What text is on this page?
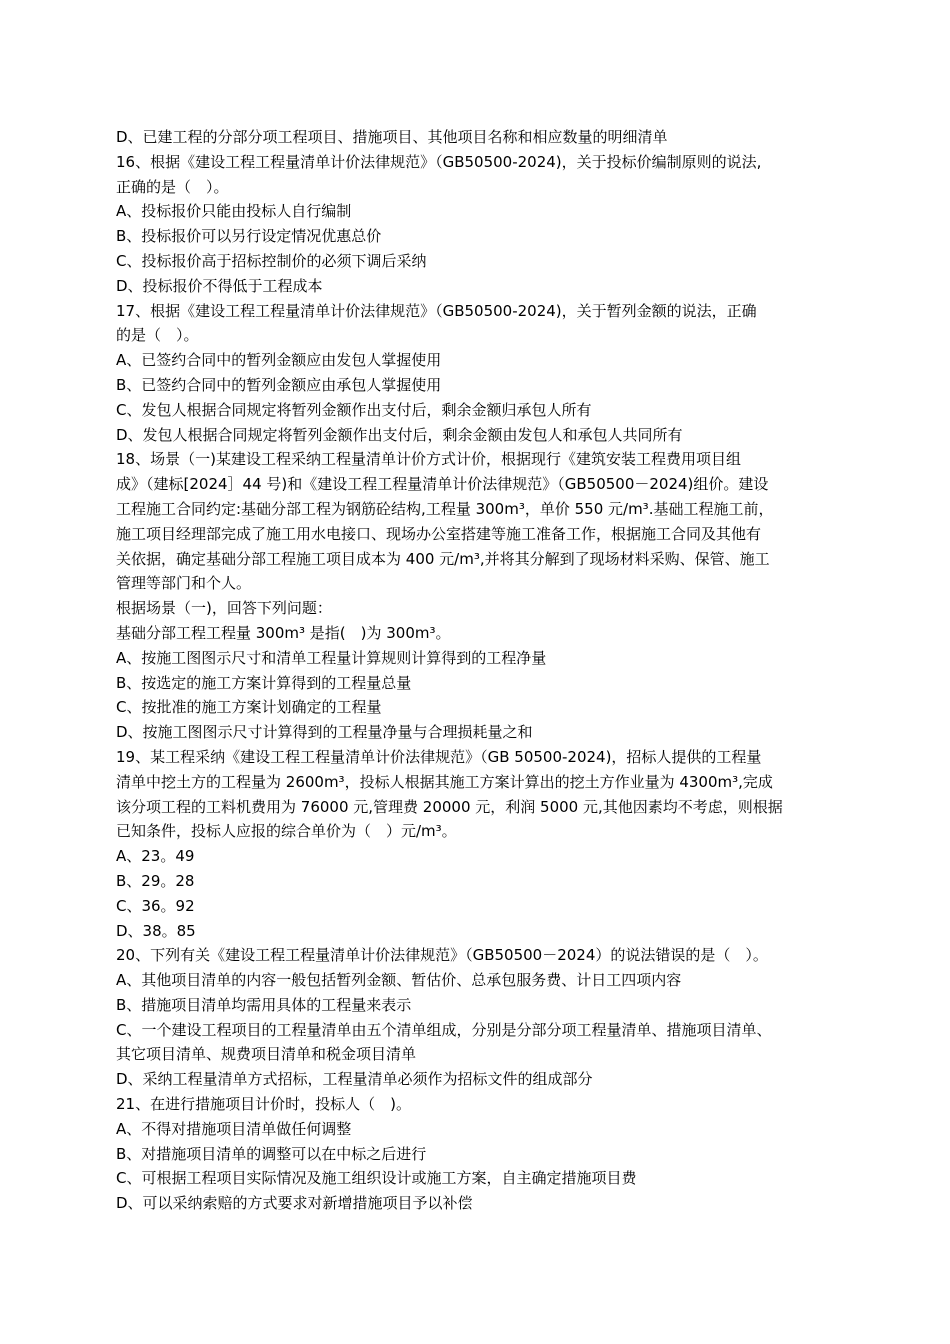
D、已建工程的分部分项工程项目、措施项目、其他项目名称和相应数量的明细清单
16、根据《建设工程工程量清单计价法律规范》（GB50500-2024)，关于投标价编制原则的说法,
正确的是（　）。
A、投标报价只能由投标人自行编制
B、投标报价可以另行设定情况优惠总价
C、投标报价高于招标控制价的必须下调后采纳
D、投标报价不得低于工程成本
17、根据《建设工程工程量清单计价法律规范》（GB50500-2024)，关于暂列金额的说法，正确
的是（　）。
A、已签约合同中的暂列金额应由发包人掌握使用
B、已签约合同中的暂列金额应由承包人掌握使用
C、发包人根据合同规定将暂列金额作出支付后，剩余金额归承包人所有
D、发包人根据合同规定将暂列金额作出支付后，剩余金额由发包人和承包人共同所有
18、场景（一)某建设工程采纳工程量清单计价方式计价，根据现行《建筑安装工程费用项目组
成》（建标[2024］44 号)和《建设工程工程量清单计价法律规范》（GB50500－2024)组价。建设
工程施工合同约定:基础分部工程为钢筋砼结构,工程量 300m³，单价 550 元/m³.基础工程施工前，
施工项目经理部完成了施工用水电接口、现场办公室搭建等施工准备工作，根据施工合同及其他有
关依据，确定基础分部工程施工项目成本为 400 元/m³,并将其分解到了现场材料采购、保管、施工
管理等部门和个人。
根据场景（一)，回答下列问题：
基础分部工程工程量 300m³ 是指(　)为 300m³。
A、按施工图图示尺寸和清单工程量计算规则计算得到的工程净量
B、按选定的施工方案计算得到的工程量总量
C、按批准的施工方案计划确定的工程量
D、按施工图图示尺寸计算得到的工程量净量与合理损耗量之和
19、某工程采纳《建设工程工程量清单计价法律规范》（GB 50500-2024)，招标人提供的工程量
清单中挖土方的工程量为 2600m³，投标人根据其施工方案计算出的挖土方作业量为 4300m³,完成
该分项工程的工料机费用为 76000 元,管理费 20000 元，利润 5000 元,其他因素均不考虑，则根据
已知条件，投标人应报的综合单价为（　）元/m³。
A、23。49
B、29。28
C、36。92
D、38。85
20、下列有关《建设工程工程量清单计价法律规范》（GB50500－2024）的说法错误的是（　）。
A、其他项目清单的内容一般包括暂列金额、暂估价、总承包服务费、计日工四项内容
B、措施项目清单均需用具体的工程量来表示
C、一个建设工程项目的工程量清单由五个清单组成，分别是分部分项工程量清单、措施项目清单、
其它项目清单、规费项目清单和税金项目清单
D、采纳工程量清单方式招标，工程量清单必须作为招标文件的组成部分
21、在进行措施项目计价时，投标人（　)。
A、不得对措施项目清单做任何调整
B、对措施项目清单的调整可以在中标之后进行
C、可根据工程项目实际情况及施工组织设计或施工方案，自主确定措施项目费
D、可以采纳索赔的方式要求对新增措施项目予以补偿
